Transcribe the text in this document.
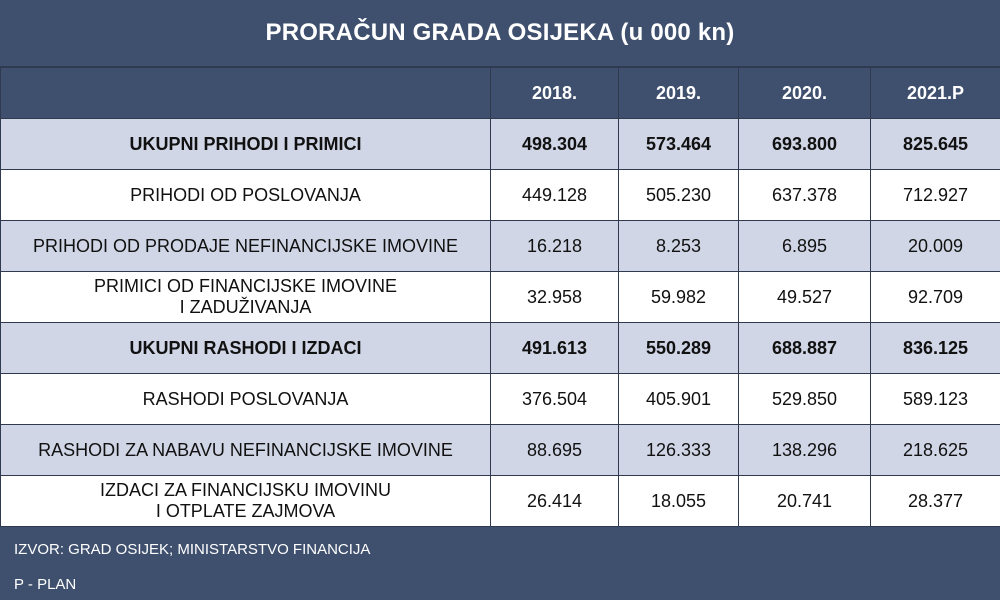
PRORAČUN GRADA OSIJEKA (u 000 kn)
	2018.	2019.	2020.	2021.P
UKUPNI PRIHODI I PRIMICI	498.304	573.464	693.800	825.645
PRIHODI OD POSLOVANJA	449.128	505.230	637.378	712.927
PRIHODI OD PRODAJE NEFINANCIJSKE IMOVINE	16.218	8.253	6.895	20.009
PRIMICI OD FINANCIJSKE IMOVINE
I ZADUŽIVANJA	32.958	59.982	49.527	92.709
UKUPNI RASHODI I IZDACI	491.613	550.289	688.887	836.125
RASHODI POSLOVANJA	376.504	405.901	529.850	589.123
RASHODI ZA NABAVU NEFINANCIJSKE IMOVINE	88.695	126.333	138.296	218.625
IZDACI ZA FINANCIJSKU IMOVINU
I OTPLATE ZAJMOVA	26.414	18.055	20.741	28.377
IZVOR: GRAD OSIJEK; MINISTARSTVO FINANCIJA
P - PLAN
